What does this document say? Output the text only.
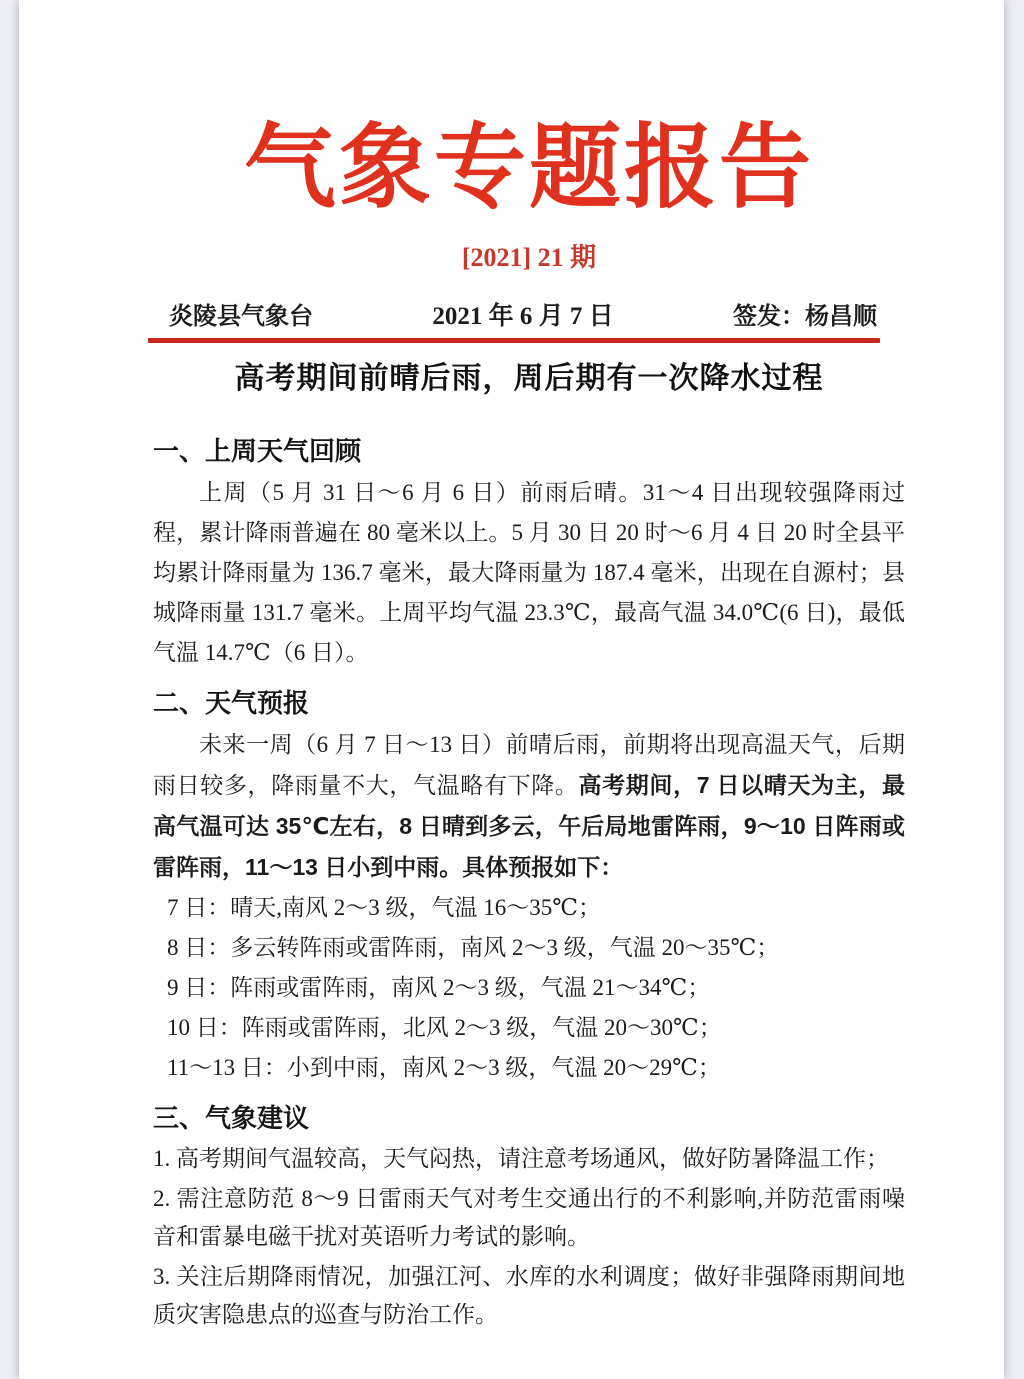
气象专题报告
[2021] 21 期
炎陵县气象台	2021 年 6 月 7 日	签发：杨昌顺
高考期间前晴后雨，周后期有一次降水过程
一、上周天气回顾

上周（5 月 31 日～6 月 6 日）前雨后晴。31～4 日出现较强降雨过程，累计降雨普遍在 80 毫米以上。5 月 30 日 20 时～6 月 4 日 20 时全县平均累计降雨量为 136.7 毫米，最大降雨量为 187.4 毫米，出现在自源村；县城降雨量 131.7 毫米。上周平均气温 23.3℃，最高气温 34.0℃(6 日)，最低气温 14.7℃（6 日）。

二、天气预报

未来一周（6 月 7 日～13 日）前晴后雨，前期将出现高温天气，后期雨日较多，降雨量不大，气温略有下降。高考期间，7 日以晴天为主，最高气温可达 35℃左右，8 日晴到多云，午后局地雷阵雨，9～10 日阵雨或雷阵雨，11～13 日小到中雨。具体预报如下：

7 日：晴天,南风 2～3 级，气温 16～35℃；

8 日：多云转阵雨或雷阵雨，南风 2～3 级，气温 20～35℃；

9 日：阵雨或雷阵雨，南风 2～3 级，气温 21～34℃；

10 日：阵雨或雷阵雨，北风 2～3 级，气温 20～30℃；

11～13 日：小到中雨，南风 2～3 级，气温 20～29℃；

三、气象建议

1. 高考期间气温较高，天气闷热，请注意考场通风，做好防暑降温工作；

2. 需注意防范 8～9 日雷雨天气对考生交通出行的不利影响,并防范雷雨噪音和雷暴电磁干扰对英语听力考试的影响。

3. 关注后期降雨情况，加强江河、水库的水利调度；做好非强降雨期间地质灾害隐患点的巡查与防治工作。
